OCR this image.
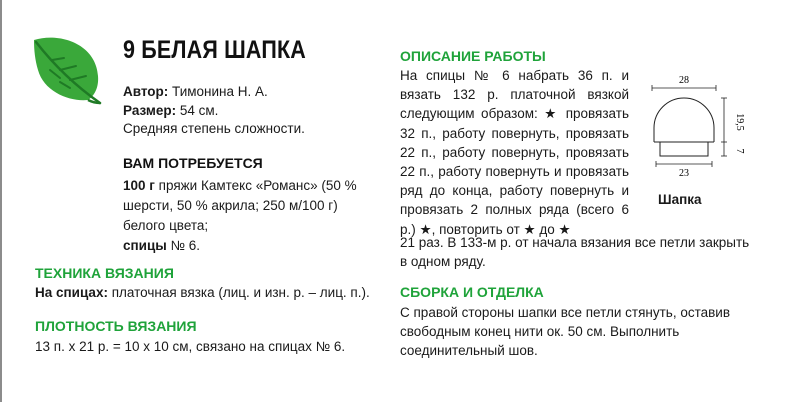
9 БЕЛАЯ ШАПКА
Автор: Тимонина Н. А.
Размер: 54 см.
Средняя степень сложности.
ВАМ ПОТРЕБУЕТСЯ
100 г пряжи Камтекс «Романс» (50 % шерсти, 50 % акрила; 250 м/100 г) белого цвета;
спицы № 6.
ТЕХНИКА ВЯЗАНИЯ
На спицах: платочная вязка (лиц. и изн. р. – лиц. п.).
ПЛОТНОСТЬ ВЯЗАНИЯ
13 п. х 21 р. = 10 х 10 см, связано на спицах № 6.
ОПИСАНИЕ РАБОТЫ
На спицы № 6 набрать 36 п. и вязать 132 р. платочной вязкой следующим образом: ★ провязать 32 п., работу повернуть, провязать 22 п., работу повернуть, провязать 22 п., работу повернуть и провязать ряд до конца, работу повернуть и провязать 2 полных ряда (всего 6 р.) ★, повторить от ★ до ★
21 раз. В 133-м р. от начала вязания все петли закрыть в одном ряду.
СБОРКА И ОТДЕЛКА
С правой стороны шапки все петли стянуть, оставив свободным конец нити ок. 50 см. Выполнить соединительный шов.
28
19,5
7
23
Шапка
